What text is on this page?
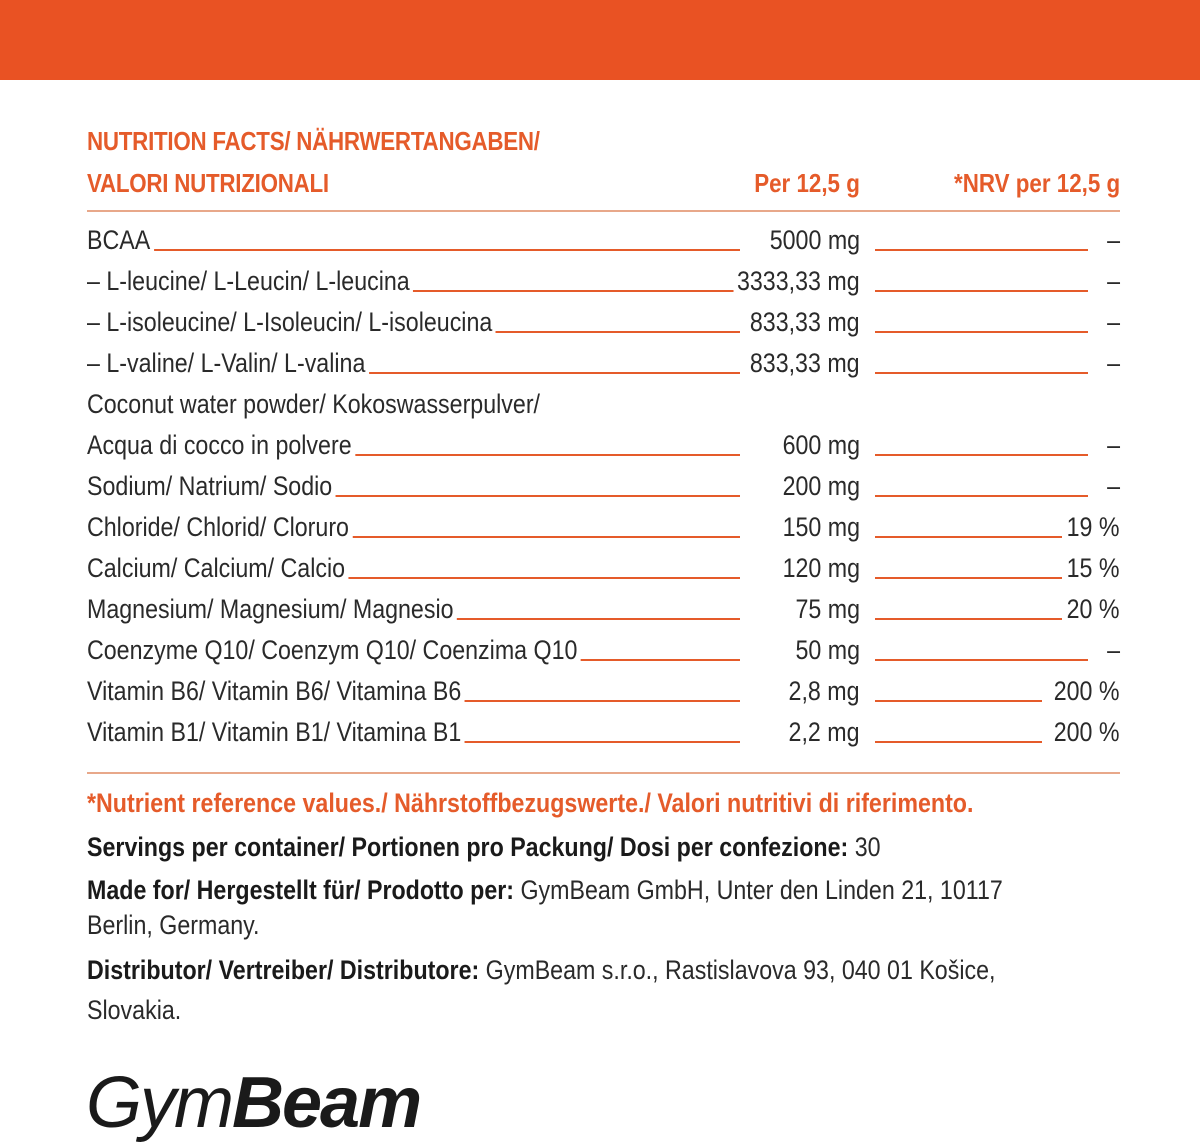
NUTRITION FACTS/ NÄHRWERTANGABEN/
VALORI NUTRIZIONALI	Per 12,5 g	*NRV per 12,5 g
BCAA	5000 mg	–
– L-leucine/ L-Leucin/ L-leucina	3333,33 mg	–
– L-isoleucine/ L-Isoleucin/ L-isoleucina	833,33 mg	–
– L-valine/ L-Valin/ L-valina	833,33 mg	–
Coconut water powder/ Kokoswasserpulver/
Acqua di cocco in polvere	600 mg	–
Sodium/ Natrium/ Sodio	200 mg	–
Chloride/ Chlorid/ Cloruro	150 mg	19 %
Calcium/ Calcium/ Calcio	120 mg	15 %
Magnesium/ Magnesium/ Magnesio	75 mg	20 %
Coenzyme Q10/ Coenzym Q10/ Coenzima Q10	50 mg	–
Vitamin B6/ Vitamin B6/ Vitamina B6	2,8 mg	200 %
Vitamin B1/ Vitamin B1/ Vitamina B1	2,2 mg	200 %
*Nutrient reference values./ Nährstoffbezugswerte./ Valori nutritivi di riferimento.
Servings per container/ Portionen pro Packung/ Dosi per confezione: 30
Made for/ Hergestellt für/ Prodotto per: GymBeam GmbH, Unter den Linden 21, 10117
Berlin, Germany.
Distributor/ Vertreiber/ Distributore: GymBeam s.r.o., Rastislavova 93, 040 01 Košice,
Slovakia.
GymBeam
